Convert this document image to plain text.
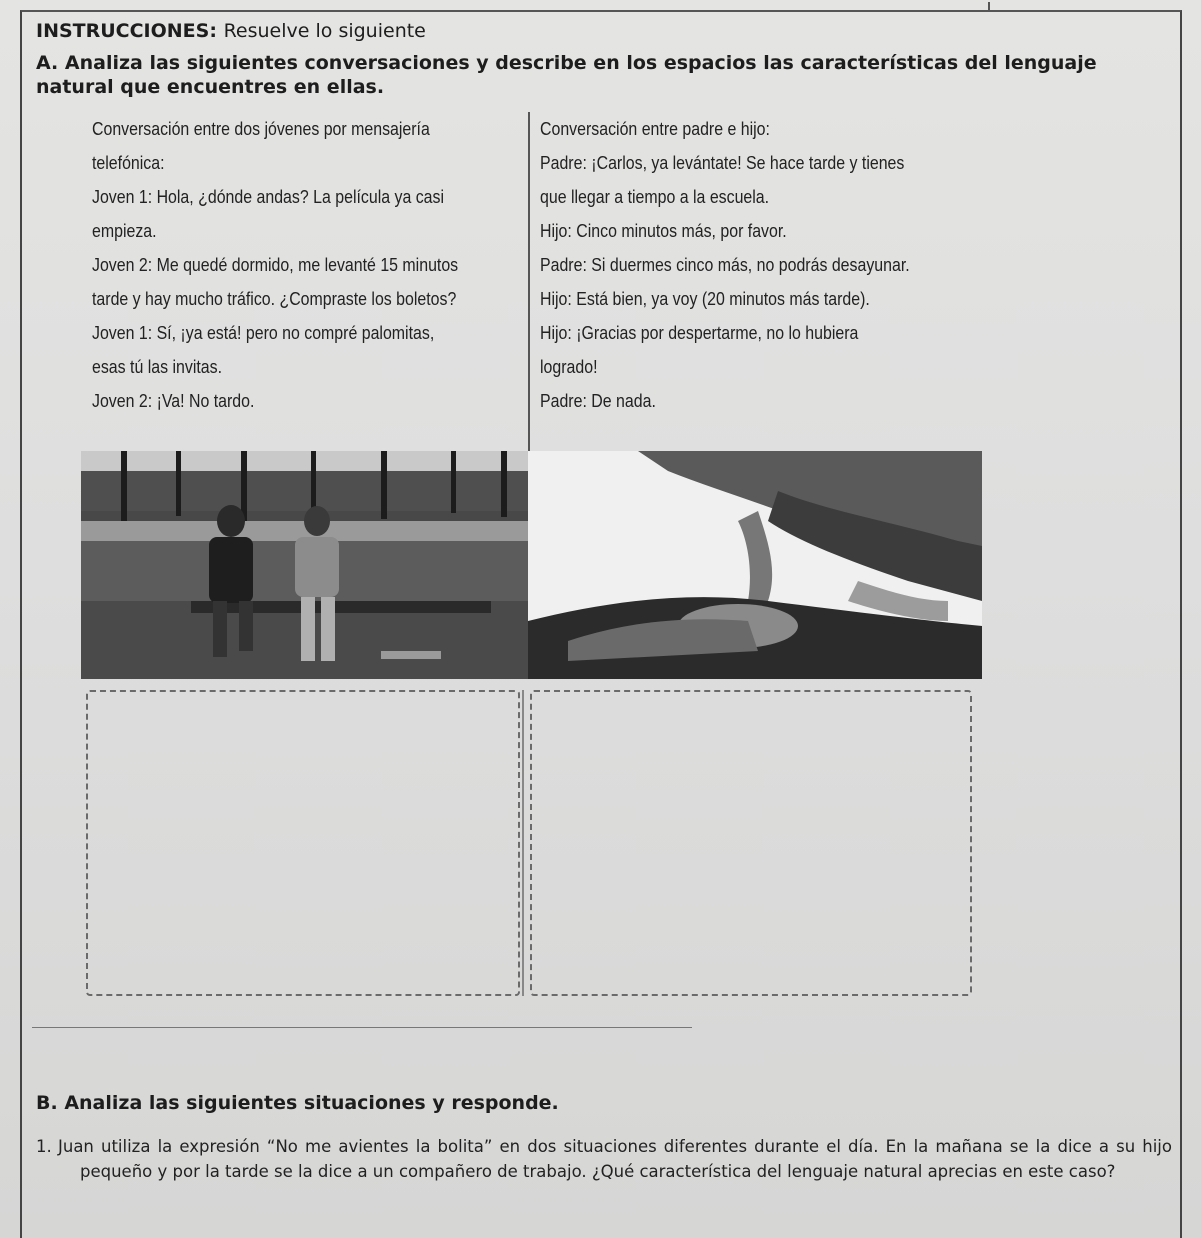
INSTRUCCIONES: Resuelve lo siguiente
A. Analiza las siguientes conversaciones y describe en los espacios las características del lenguaje natural que encuentres en ellas.

Conversación entre dos jóvenes por mensajería

telefónica:

Joven 1: Hola, ¿dónde andas? La película ya casi

empieza.

Joven 2: Me quedé dormido, me levanté 15 minutos

tarde y hay mucho tráfico. ¿Compraste los boletos?

Joven 1: Sí, ¡ya está! pero no compré palomitas,

esas tú las invitas.

Joven 2: ¡Va! No tardo.

Conversación entre padre e hijo:

Padre: ¡Carlos, ya levántate! Se hace tarde y tienes

que llegar a tiempo a la escuela.

Hijo: Cinco minutos más, por favor.

Padre: Si duermes cinco más, no podrás desayunar.

Hijo: Está bien, ya voy (20 minutos más tarde).

Hijo: ¡Gracias por despertarme, no lo hubiera

logrado!

Padre: De nada.

B. Analiza las siguientes situaciones y responde.
1. Juan utiliza la expresión “No me avientes la bolita” en dos situaciones diferentes durante el día. En la mañana se la dice a su hijo pequeño y por la tarde se la dice a un compañero de trabajo. ¿Qué característica del lenguaje natural aprecias en este caso?
